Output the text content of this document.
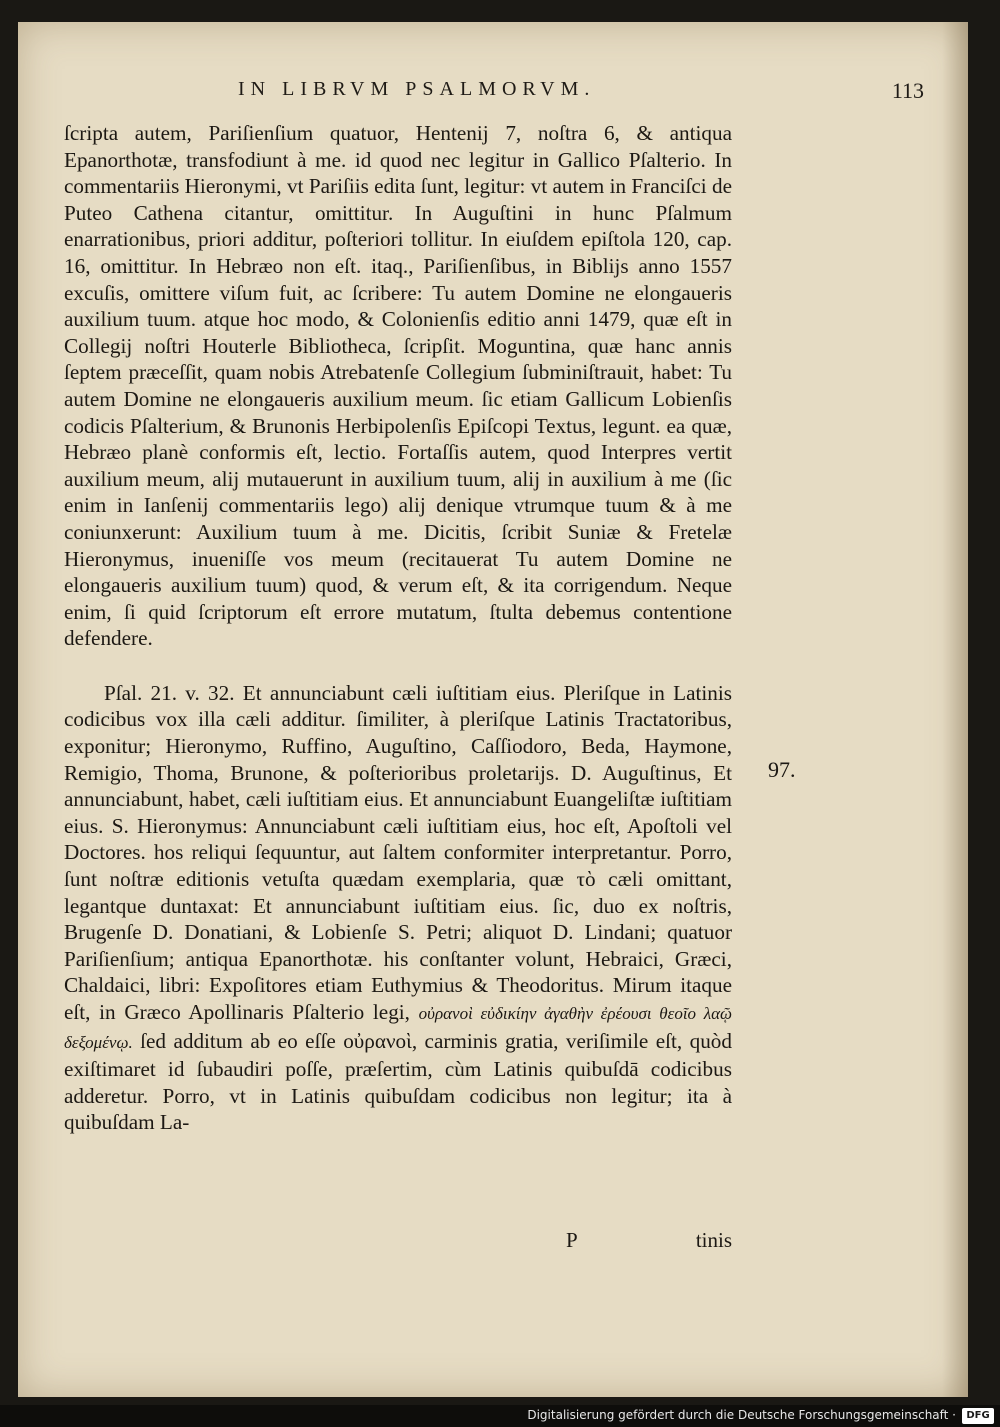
IN LIBRVM PSALMORVM.	113

ſcripta autem, Pariſienſium quatuor, Hentenij 7, noſtra 6, & antiqua Epanorthotæ, transfodiunt à me. id quod nec legitur in Gallico Pſalterio. In commentariis Hieronymi, vt Pariſiis edita ſunt, legitur: vt autem in Franciſci de Puteo Cathena citantur, omittitur. In Auguſtini in hunc Pſalmum enarrationibus, priori additur, poſteriori tollitur. In eiuſdem epiſtola 120, cap. 16, omittitur. In Hebræo non eſt. itaq., Pariſienſibus, in Biblijs anno 1557 excuſis, omittere viſum fuit, ac ſcribere: Tu autem Domine ne elongaueris auxilium tuum. atque hoc modo, & Colonienſis editio anni 1479, quæ eſt in Collegij noſtri Houterle Bibliotheca, ſcripſit. Moguntina, quæ hanc annis ſeptem præceſſit, quam nobis Atrebatenſe Collegium ſubminiſtrauit, habet: Tu autem Domine ne elongaueris auxilium meum. ſic etiam Gallicum Lobienſis codicis Pſalterium, & Brunonis Herbipolenſis Epiſcopi Textus, legunt. ea quæ, Hebræo planè conformis eſt, lectio. Fortaſſis autem, quod Interpres vertit auxilium meum, alij mutauerunt in auxilium tuum, alij in auxilium à me (ſic enim in Ianſenij commentariis lego) alij denique vtrumque tuum & à me coniunxerunt: Auxilium tuum à me. Dicitis, ſcribit Suniæ & Fretelæ Hieronymus, inueniſſe vos meum (recitauerat Tu autem Domine ne elongaueris auxilium tuum) quod, & verum eſt, & ita corrigendum. Neque enim, ſi quid ſcriptorum eſt errore mutatum, ſtulta debemus contentione defendere.

Pſal. 21. v. 32. Et annunciabunt cæli iuſtitiam eius. Pleriſque in Latinis codicibus vox illa cæli additur. ſimiliter, à pleriſque Latinis Tractatoribus, exponitur; Hieronymo, Ruffino, Auguſtino, Caſſiodoro, Beda, Haymone, Remigio, Thoma, Brunone, & poſterioribus proletarijs. D. Auguſtinus, Et annunciabunt, habet, cæli iuſtitiam eius. Et annunciabunt Euangeliſtæ iuſtitiam eius. S. Hieronymus: Annunciabunt cæli iuſtitiam eius, hoc eſt, Apoſtoli vel Doctores. hos reliqui ſequuntur, aut ſaltem conformiter interpretantur. Porro, ſunt noſtræ editionis vetuſta quædam exemplaria, quæ τὸ cæli omittant, legantque duntaxat: Et annunciabunt iuſtitiam eius. ſic, duo ex noſtris, Brugenſe D. Donatiani, & Lobienſe S. Petri; aliquot D. Lindani; quatuor Pariſienſium; antiqua Epanorthotæ. his conſtanter volunt, Hebraici, Græci, Chaldaici, libri: Expoſitores etiam Euthymius & Theodoritus. Mirum itaque eſt, in Græco Apollinaris Pſalterio legi, οὐρανοὶ εὐδικίην ἀγαθὴν ἐρέουσι θεοῖο λαῷ δεξομένῳ. ſed additum ab eo eſſe οὐρανοὶ, carminis gratia, veriſimile eſt, quòd exiſtimaret id ſubaudiri poſſe, præſertim, cùm Latinis quibuſdā codicibus adderetur. Porro, vt in Latinis quibuſdam codicibus non legitur; ita à quibuſdam La-

97.
P	tinis
Digitalisierung gefördert durch die Deutsche Forschungsgemeinschaft ·	DFG
